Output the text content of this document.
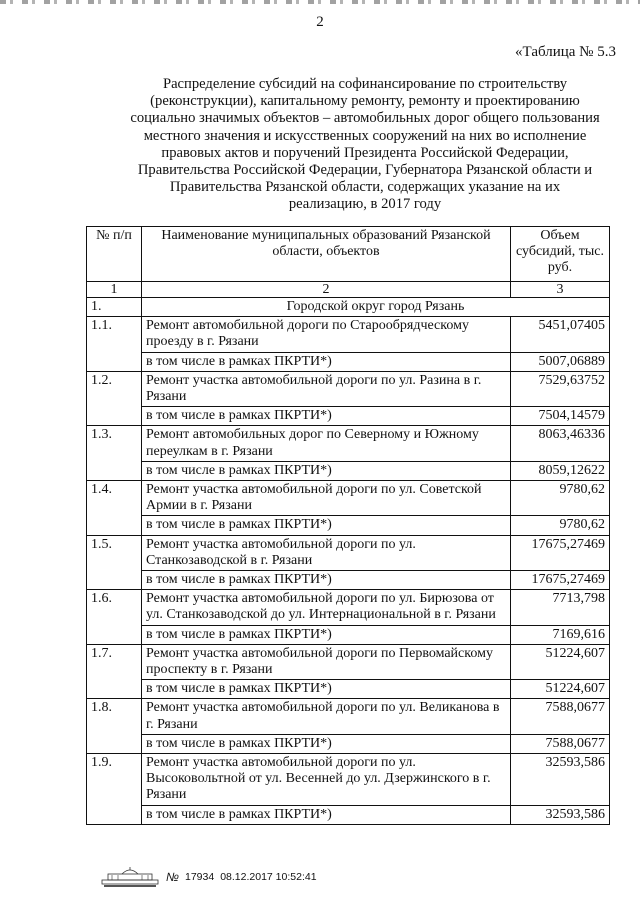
2
«Таблица № 5.3
Распределение субсидий на софинансирование по строительству (реконструкции), капитальному ремонту, ремонту и проектированию социально значимых объектов – автомобильных дорог общего пользования местного значения и искусственных сооружений на них во исполнение правовых актов и поручений Президента Российской Федерации, Правительства Российской Федерации, Губернатора Рязанской области и Правительства Рязанской области, содержащих указание на их реализацию, в 2017 году
№ п/п	Наименование муниципальных образований Рязанской области, объектов	Объем субсидий, тыс. руб.
1	2	3
1.	Городской округ город Рязань	
1.1.	Ремонт автомобильной дороги по Старообрядческому проезду в г. Рязани	5451,07405
	в том числе в рамках ПКРТИ*)	5007,06889
1.2.	Ремонт участка автомобильной дороги по ул. Разина в г. Рязани	7529,63752
	в том числе в рамках ПКРТИ*)	7504,14579
1.3.	Ремонт автомобильных дорог по Северному и Южному переулкам в г. Рязани	8063,46336
	в том числе в рамках ПКРТИ*)	8059,12622
1.4.	Ремонт участка автомобильной дороги по ул. Советской Армии в г. Рязани	9780,62
	в том числе в рамках ПКРТИ*)	9780,62
1.5.	Ремонт участка автомобильной дороги по ул. Станкозаводской в г. Рязани	17675,27469
	в том числе в рамках ПКРТИ*)	17675,27469
1.6.	Ремонт участка автомобильной дороги по ул. Бирюзова от ул. Станкозаводской до ул. Интернациональной в г. Рязани	7713,798
	в том числе в рамках ПКРТИ*)	7169,616
1.7.	Ремонт участка автомобильной дороги по Первомайскому проспекту в г. Рязани	51224,607
	в том числе в рамках ПКРТИ*)	51224,607
1.8.	Ремонт участка автомобильной дороги по ул. Великанова в г. Рязани	7588,0677
	в том числе в рамках ПКРТИ*)	7588,0677
1.9.	Ремонт участка автомобильной дороги по ул. Высоковольтной от ул. Весенней до ул. Дзержинского в г. Рязани	32593,586
	в том числе в рамках ПКРТИ*)	32593,586
№ 17934 08.12.2017 10:52:41
